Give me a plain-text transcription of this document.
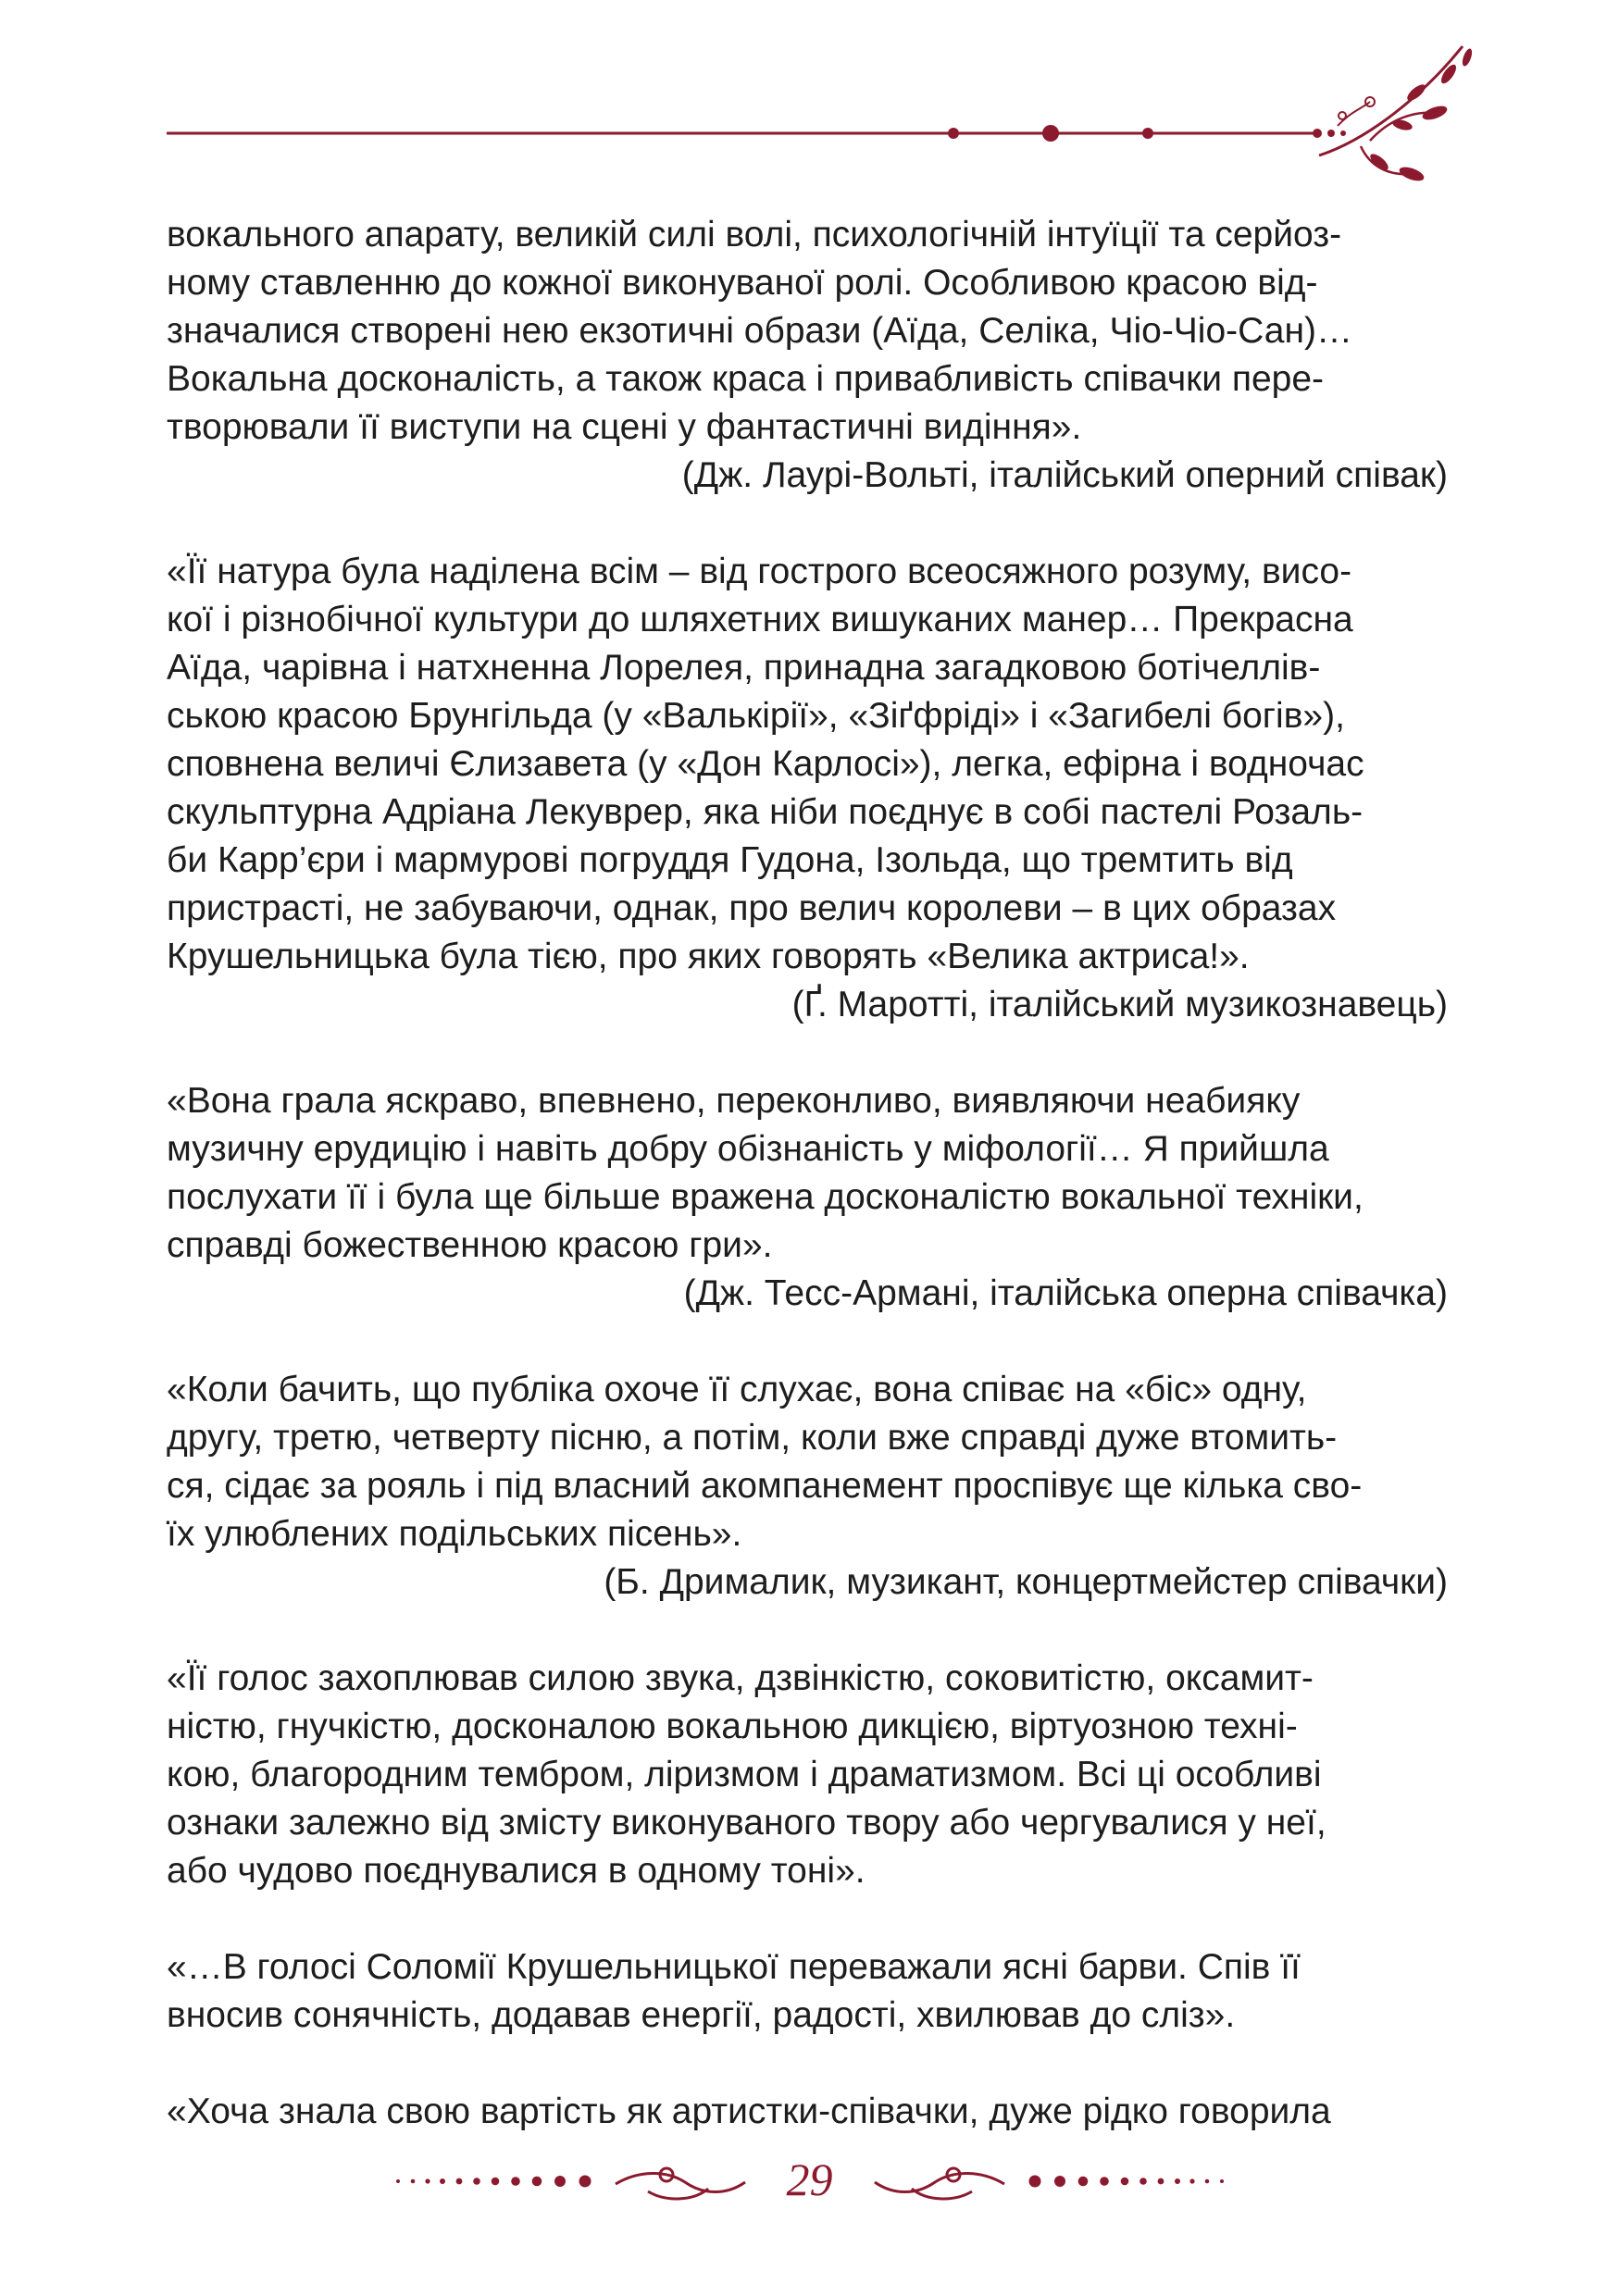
вокального апарату, великій силі волі, психологічній інтуїції та серйоз-
ному ставленню до кожної виконуваної ролі. Особливою красою від-
значалися створені нею екзотичні образи (Аїда, Селіка, Чіо-Чіо-Сан)…
Вокальна досконалість, а також краса і привабливість співачки пере-
творювали її виступи на сцені у фантастичні видіння».

(Дж. Лаурі-Вольті, італійський оперний співак)

«Її натура була наділена всім – від гострого всеосяжного розуму, висо-
кої і різнобічної культури до шляхетних вишуканих манер… Прекрасна
Аїда, чарівна і натхненна Лорелея, принадна загадковою ботічеллів-
ською красою Брунгільда (у «Валькірії», «Зіґфріді» і «Загибелі богів»),
сповнена величі Єлизавета (у «Дон Карлосі»), легка, ефірна і водночас
скульптурна Адріана Лекуврер, яка ніби поєднує в собі пастелі Розаль-
би Карр’єри і мармурові погруддя Гудона, Ізольда, що тремтить від
пристрасті, не забуваючи, однак, про велич королеви – в цих образах
Крушельницька була тією, про яких говорять «Велика актриса!».

(Ґ. Маротті, італійський музикознавець)

«Вона грала яскраво, впевнено, переконливо, виявляючи неабияку
музичну ерудицію і навіть добру обізнаність у міфології… Я прийшла
послухати її і була ще більше вражена досконалістю вокальної техніки,
справді божественною красою гри».

(Дж. Тесс-Армані, італійська оперна співачка)

«Коли бачить, що публіка охоче її слухає, вона співає на «біс» одну,
другу, третю, четверту пісню, а потім, коли вже справді дуже втомить-
ся, сідає за рояль і під власний акомпанемент проспівує ще кілька сво-
їх улюблених подільських пісень».

(Б. Дрималик, музикант, концертмейстер співачки)

«Її голос захоплював силою звука, дзвінкістю, соковитістю, оксамит-
ністю, гнучкістю, досконалою вокальною дикцією, віртуозною техні-
кою, благородним тембром, ліризмом і драматизмом. Всі ці особливі
ознаки залежно від змісту виконуваного твору або чергувалися у неї,
або чудово поєднувалися в одному тоні».

«…В голосі Соломії Крушельницької переважали ясні барви. Спів її
вносив сонячність, додавав енергії, радості, хвилював до сліз».

«Хоча знала свою вартість як артистки-співачки, дуже рідко говорила

29
